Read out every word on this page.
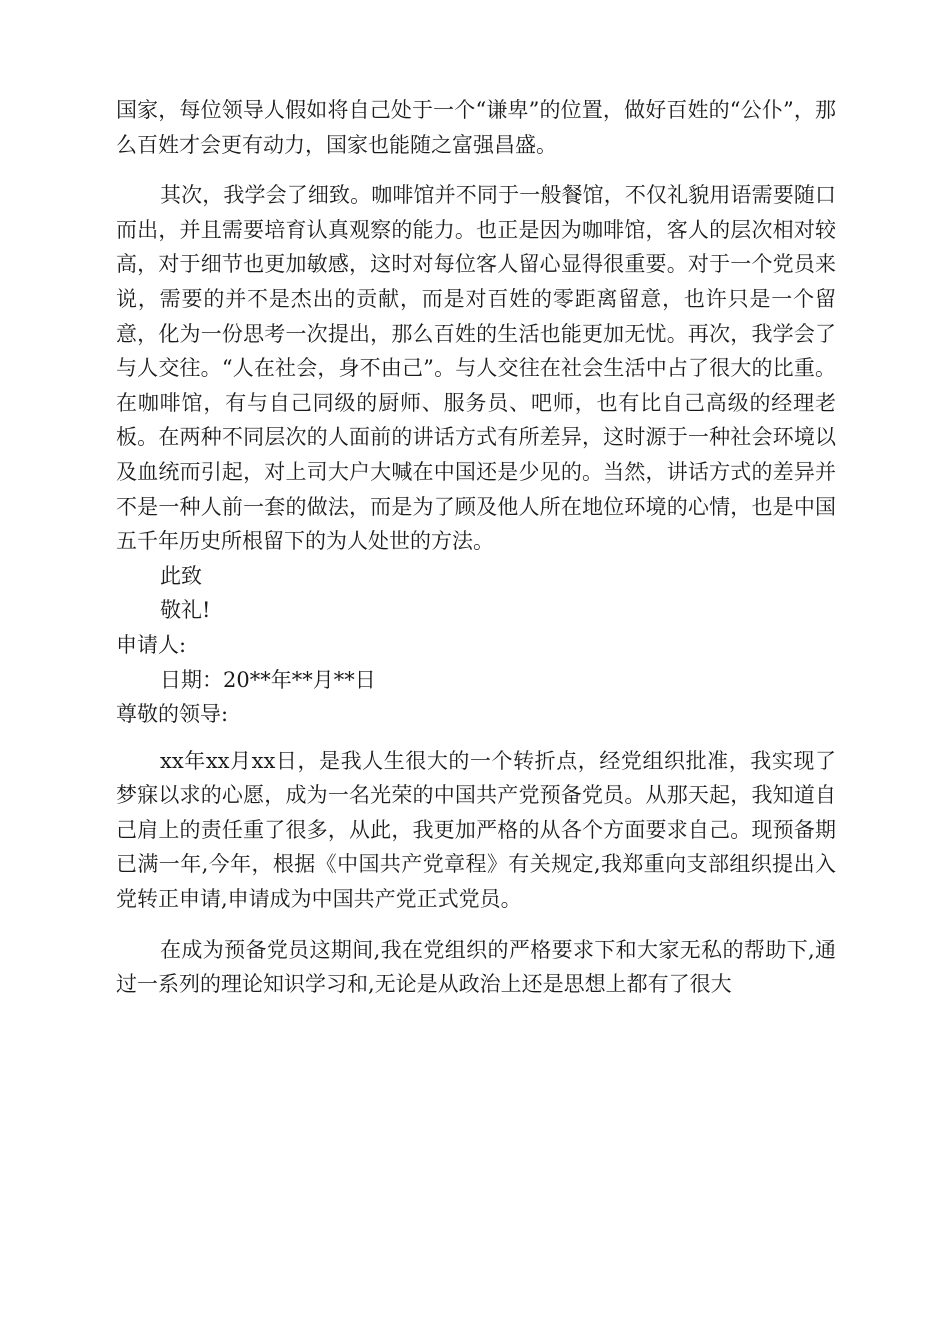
国家，每位领导人假如将自己处于一个“谦卑”的位置，做好百姓的“公仆”，那么百姓才会更有动力，国家也能随之富强昌盛。

其次，我学会了细致。咖啡馆并不同于一般餐馆，不仅礼貌用语需要随口而出，并且需要培育认真观察的能力。也正是因为咖啡馆，客人的层次相对较高，对于细节也更加敏感，这时对每位客人留心显得很重要。对于一个党员来说，需要的并不是杰出的贡献，而是对百姓的零距离留意，也许只是一个留意，化为一份思考一次提出，那么百姓的生活也能更加无忧。再次，我学会了与人交往。“人在社会，身不由己”。与人交往在社会生活中占了很大的比重。在咖啡馆，有与自己同级的厨师、服务员、吧师，也有比自己高级的经理老板。在两种不同层次的人面前的讲话方式有所差异，这时源于一种社会环境以及血统而引起，对上司大户大喊在中国还是少见的。当然，讲话方式的差异并不是一种人前一套的做法，而是为了顾及他人所在地位环境的心情，也是中国五千年历史所根留下的为人处世的方法。

此致

敬礼!

申请人:

日期：20**年**月**日

尊敬的领导:

xx年xx月xx日，是我人生很大的一个转折点，经党组织批准，我实现了梦寐以求的心愿，成为一名光荣的中国共产党预备党员。从那天起，我知道自己肩上的责任重了很多，从此，我更加严格的从各个方面要求自己。现预备期已满一年,今年，根据《中国共产党章程》有关规定,我郑重向支部组织提出入党转正申请,申请成为中国共产党正式党员。

在成为预备党员这期间,我在党组织的严格要求下和大家无私的帮助下,通过一系列的理论知识学习和,无论是从政治上还是思想上都有了很大
